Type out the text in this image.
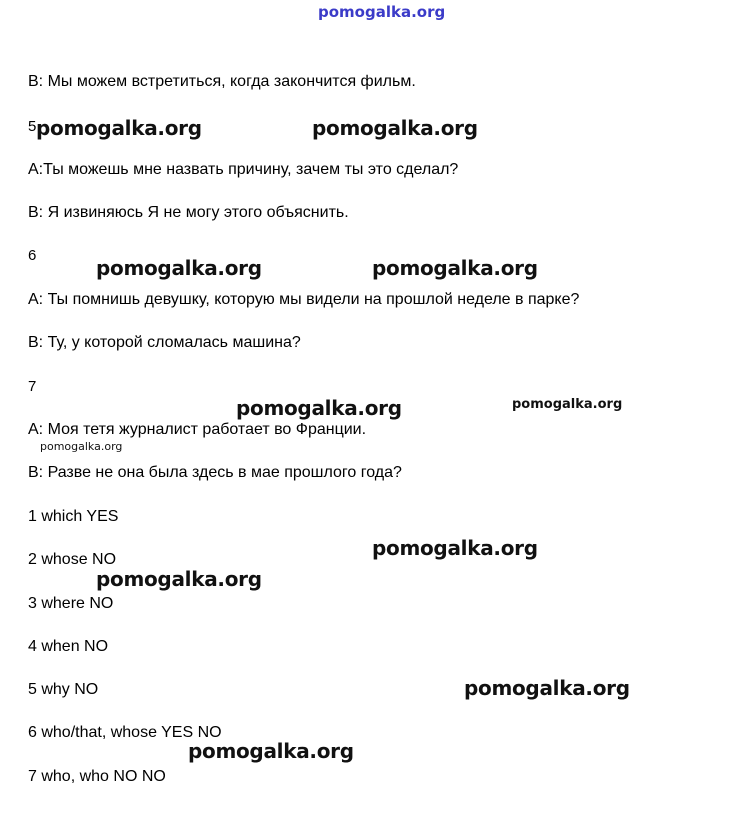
pomogalka.org
B: Мы можем встретиться, когда закончится фильм.
5
A:Ты можешь мне назвать причину, зачем ты это сделал?
B: Я извиняюсь Я не могу этого объяснить.
6
A: Ты помнишь девушку, которую мы видели на прошлой неделе в парке?
B: Ту, у которой сломалась машина?
7
A: Моя тетя журналист работает во Франции.
B: Разве не она была здесь в мае прошлого года?
1 which YES
2 whose NO
3 where NO
4 when NO
5 why NO
6 who/that, whose YES NO
7 who, who NO NO
pomogalka.org	pomogalka.org
pomogalka.org	pomogalka.org
pomogalka.org	pomogalka.org
pomogalka.org
pomogalka.org
pomogalka.org
pomogalka.org
pomogalka.org
